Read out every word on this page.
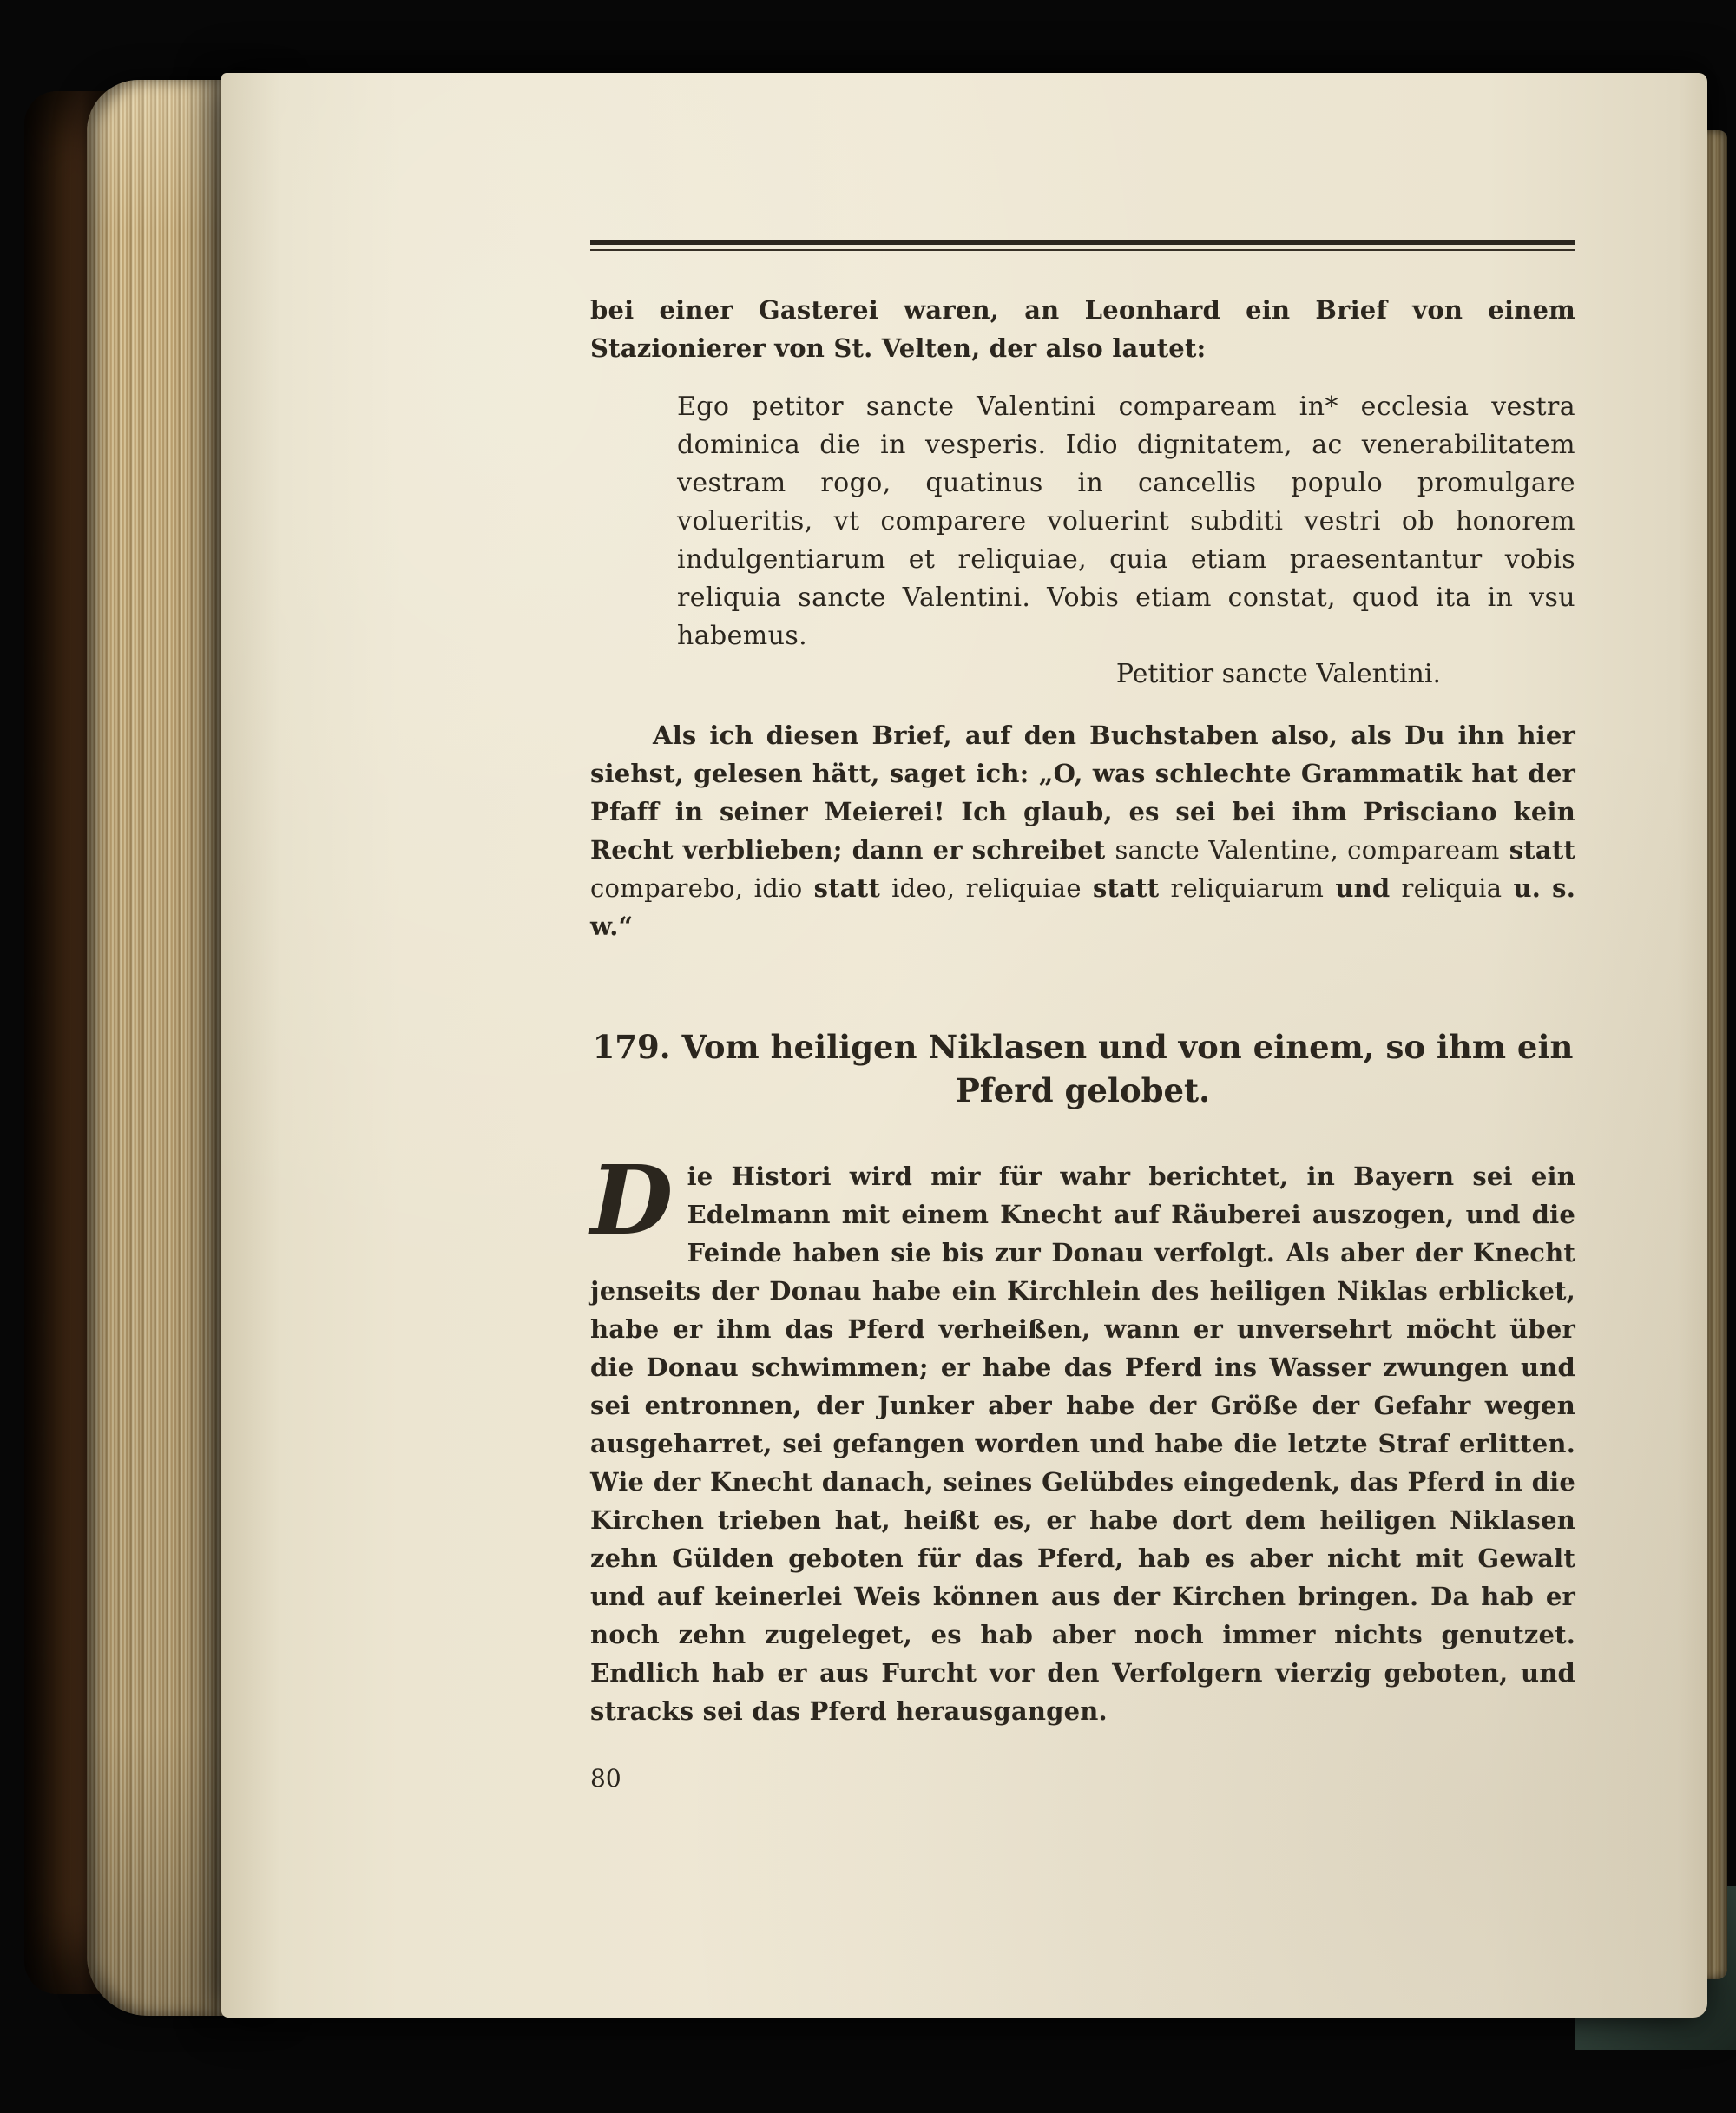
bei einer Gasterei waren, an Leonhard ein Brief von einem Stazionierer von St. Velten, der also lautet:

Ego petitor sancte Valentini compaream in* ecclesia vestra dominica die in vesperis. Idio dignitatem, ac venerabilitatem vestram rogo, quatinus in cancellis populo promulgare volueritis, vt comparere voluerint subditi vestri ob honorem indulgentiarum et reliquiae, quia etiam praesentantur vobis reliquia sancte Valentini. Vobis etiam constat, quod ita in vsu habemus.

Petitior sancte Valentini.

Als ich diesen Brief, auf den Buchstaben also, als Du ihn hier siehst, gelesen hätt, saget ich: „O, was schlechte Grammatik hat der Pfaff in seiner Meierei! Ich glaub, es sei bei ihm Prisciano kein Recht verblieben; dann er schreibet sancte Valentine, compaream statt comparebo, idio statt ideo, reliquiae statt reliquiarum und reliquia u. s. w.“

179. Vom heiligen Niklasen und von einem, so ihm ein Pferd gelobet.

Die Histori wird mir für wahr berichtet, in Bayern sei ein Edelmann mit einem Knecht auf Räuberei auszogen, und die Feinde haben sie bis zur Donau verfolgt. Als aber der Knecht jenseits der Donau habe ein Kirchlein des heiligen Niklas erblicket, habe er ihm das Pferd verheißen, wann er unversehrt möcht über die Donau schwimmen; er habe das Pferd ins Wasser zwungen und sei entronnen, der Junker aber habe der Größe der Gefahr wegen ausgeharret, sei gefangen worden und habe die letzte Straf erlitten. Wie der Knecht danach, seines Gelübdes eingedenk, das Pferd in die Kirchen trieben hat, heißt es, er habe dort dem heiligen Niklasen zehn Gülden geboten für das Pferd, hab es aber nicht mit Gewalt und auf keinerlei Weis können aus der Kirchen bringen. Da hab er noch zehn zugeleget, es hab aber noch immer nichts genutzet. Endlich hab er aus Furcht vor den Verfolgern vierzig geboten, und stracks sei das Pferd herausgangen.

80
